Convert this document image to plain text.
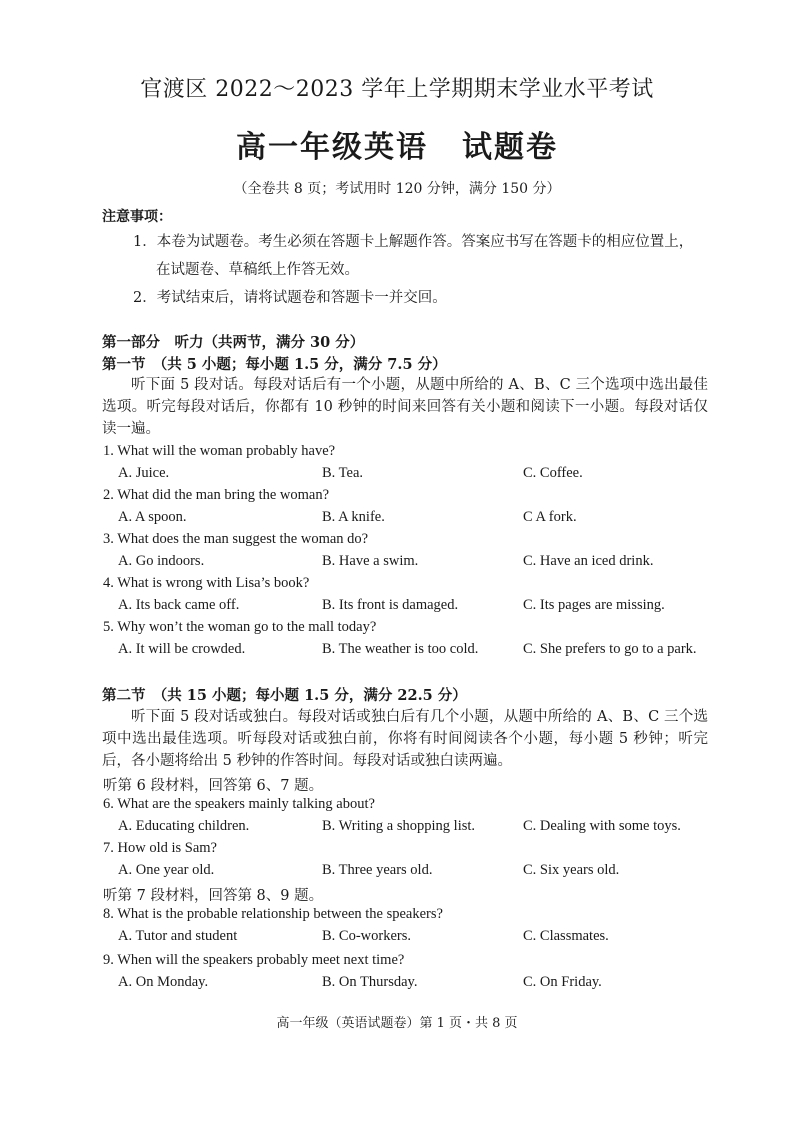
官渡区 2022～2023 学年上学期期末学业水平考试
高一年级英语 试题卷
（全卷共 8 页；考试用时 120 分钟，满分 150 分）
注意事项：
1．本卷为试题卷。考生必须在答题卡上解题作答。答案应书写在答题卡的相应位置上，
在试题卷、草稿纸上作答无效。
2．考试结束后，请将试题卷和答题卡一并交回。
第一部分　听力（共两节，满分 30 分）
第一节　（共 5 小题；每小题 1.5 分，满分 7.5 分）

听下面 5 段对话。每段对话后有一个小题，从题中所给的 A、B、C 三个选项中选出最佳选项。听完每段对话后，你都有 10 秒钟的时间来回答有关小题和阅读下一小题。每段对话仅读一遍。

1. What will the woman probably have?
A. Juice.	B. Tea.	C. Coffee.
2. What did the man bring the woman?
A. A spoon.	B. A knife.	C A fork.
3. What does the man suggest the woman do?
A. Go indoors.	B. Have a swim.	C. Have an iced drink.
4. What is wrong with Lisa’s book?
A. Its back came off.	B. Its front is damaged.	C. Its pages are missing.
5. Why won’t the woman go to the mall today?
A. It will be crowded.	B. The weather is too cold.	C. She prefers to go to a park.
第二节　（共 15 小题；每小题 1.5 分，满分 22.5 分）

听下面 5 段对话或独白。每段对话或独白后有几个小题，从题中所给的 A、B、C 三个选项中选出最佳选项。听每段对话或独白前，你将有时间阅读各个小题，每小题 5 秒钟；听完后，各小题将给出 5 秒钟的作答时间。每段对话或独白读两遍。

听第 6 段材料，回答第 6、7 题。
6. What are the speakers mainly talking about?
A. Educating children.	B. Writing a shopping list.	C. Dealing with some toys.
7. How old is Sam?
A. One year old.	B. Three years old.	C. Six years old.
听第 7 段材料，回答第 8、9 题。
8. What is the probable relationship between the speakers?
A. Tutor and student	B. Co-workers.	C. Classmates.
9. When will the speakers probably meet next time?
A. On Monday.	B. On Thursday.	C. On Friday.
高一年级（英语试题卷）第 1 页・共 8 页
